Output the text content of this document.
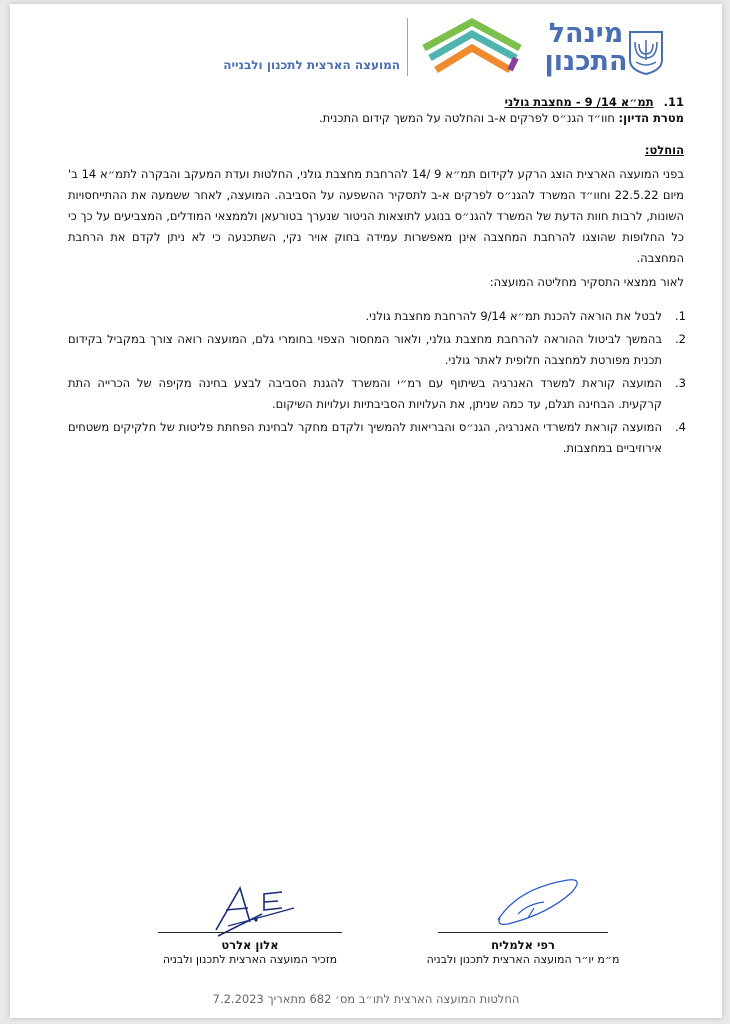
מינהל
התכנון
המועצה הארצית לתכנון ולבנייה
11. תמ״א 14/ 9 - מחצבת גולני
מטרת הדיון: חוו״ד הגנ״ס לפרקים א-ב והחלטה על המשך קידום התכנית.
הוחלט:
בפני המועצה הארצית הוצג הרקע לקידום תמ״א 9 /14 להרחבת מחצבת גולני, החלטות ועדת המעקב והבקרה לתמ״א 14 ב' מיום 22.5.22 וחוו״ד המשרד להגנ״ס לפרקים א-ב לתסקיר ההשפעה על הסביבה. המועצה, לאחר ששמעה את ההתייחסויות השונות, לרבות חוות הדעת של המשרד להגנ״ס בנוגע לתוצאות הניטור שנערך בטורעאן ולממצאי המודלים, המצביעים על כך כי כל החלופות שהוצגו להרחבת המחצבה אינן מאפשרות עמידה בחוק אויר נקי, השתכנעה כי לא ניתן לקדם את הרחבת המחצבה.
לאור ממצאי התסקיר מחליטה המועצה:
1.
לבטל את הוראה להכנת תמ״א 9/14 להרחבת מחצבת גולני.
2.
בהמשך לביטול ההוראה להרחבת מחצבת גולני, ולאור המחסור הצפוי בחומרי גלם, המועצה רואה צורך במקביל בקידום תכנית מפורטת למחצבה חלופית לאתר גולני.
3.
המועצה קוראת למשרד האנרגיה בשיתוף עם רמ״י והמשרד להגנת הסביבה לבצע בחינה מקיפה של הכרייה התת קרקעית. הבחינה תגלם, עד כמה שניתן, את העלויות הסביבתיות ועלויות השיקום.
4.
המועצה קוראת למשרדי האנרגיה, הגנ״ס והבריאות להמשיך ולקדם מחקר לבחינת הפחתת פליטות של חלקיקים משטחים אירוזיביים במחצבות.
אלון אלרט
מזכיר המועצה הארצית לתכנון ולבניה
רפי אלמליח
מ״מ יו״ר המועצה הארצית לתכנון ולבניה
החלטות המועצה הארצית לתו״ב מס׳ 682 מתאריך 7.2.2023
